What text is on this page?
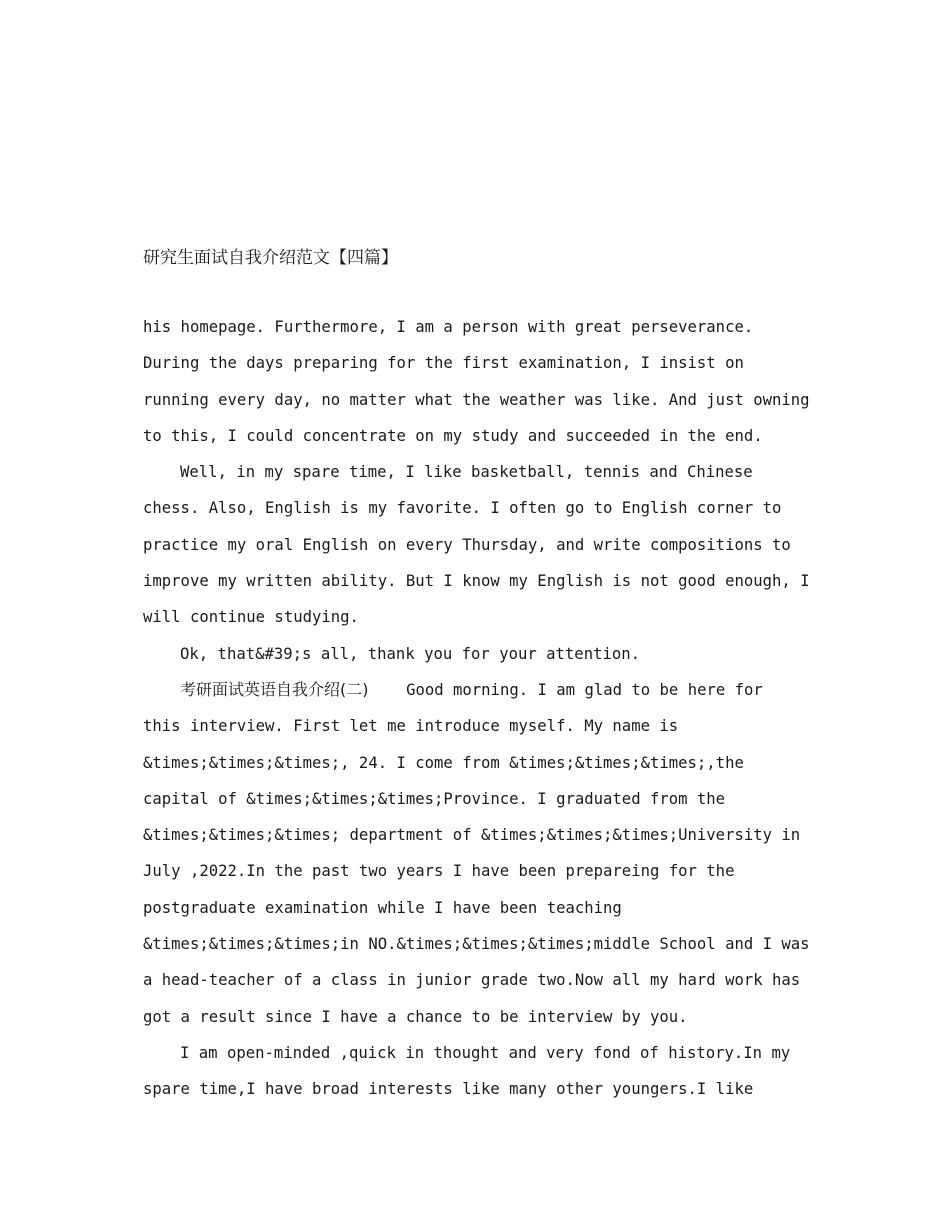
研究生面试自我介绍范文【四篇】
his homepage. Furthermore, I am a person with great perseverance.
During the days preparing for the first examination, I insist on
running every day, no matter what the weather was like. And just owning
to this, I could concentrate on my study and succeeded in the end.
Well, in my spare time, I like basketball, tennis and Chinese
chess. Also, English is my favorite. I often go to English corner to
practice my oral English on every Thursday, and write compositions to
improve my written ability. But I know my English is not good enough, I
will continue studying.
Ok, that&#39;s all, thank you for your attention.
考研面试英语自我介绍(二) Good morning. I am glad to be here for
this interview. First let me introduce myself. My name is
&times;&times;&times;, 24. I come from &times;&times;&times;,the
capital of &times;&times;&times;Province. I graduated from the
&times;&times;&times; department of &times;&times;&times;University in
July ,2022.In the past two years I have been prepareing for the
postgraduate examination while I have been teaching
&times;&times;&times;in NO.&times;&times;&times;middle School and I was
a head-teacher of a class in junior grade two.Now all my hard work has
got a result since I have a chance to be interview by you.
I am open-minded ,quick in thought and very fond of history.In my
spare time,I have broad interests like many other youngers.I like
